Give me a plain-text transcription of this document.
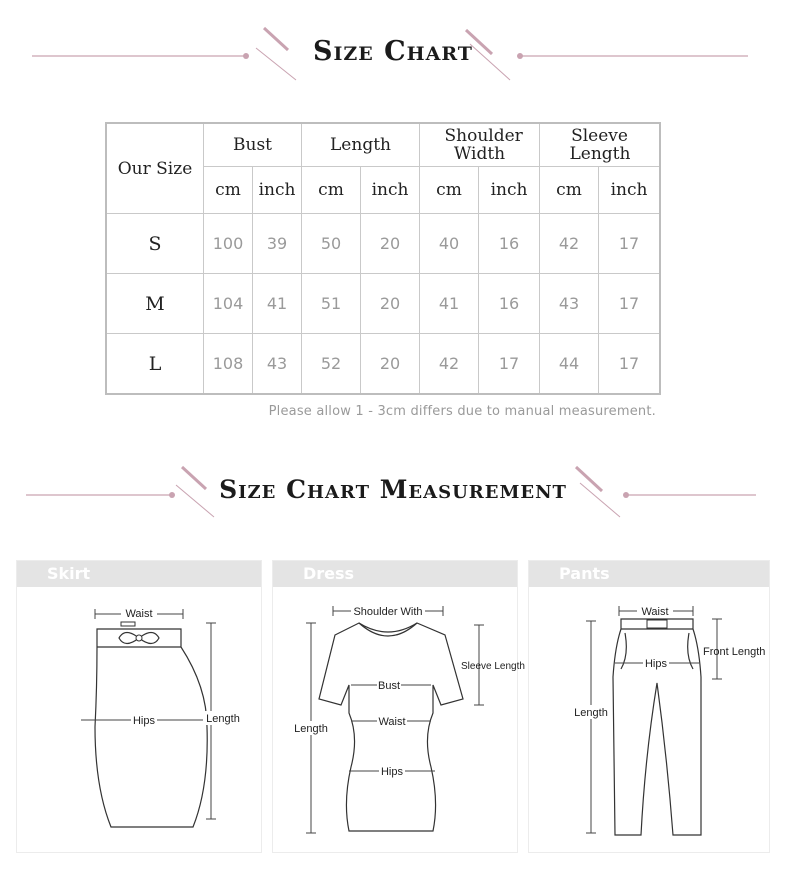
Size Chart
Our Size	Bust		Length		Shoulder Width		Sleeve Length	

	cm	inch	cm	inch	cm	inch	cm	inch
S	100	39	50	20	40	16	42	17
M	104	41	51	20	41	16	43	17
L	108	43	52	20	42	17	44	17
Please allow 1 - 3cm differs due to manual measurement.
Size Chart Measurement
Skirt
Waist
Hips	Length
Dress
Shoulder With
Bust
Waist
Hips
Sleeve Length
Length
Pants
Waist
Hips
Front Length
Length
